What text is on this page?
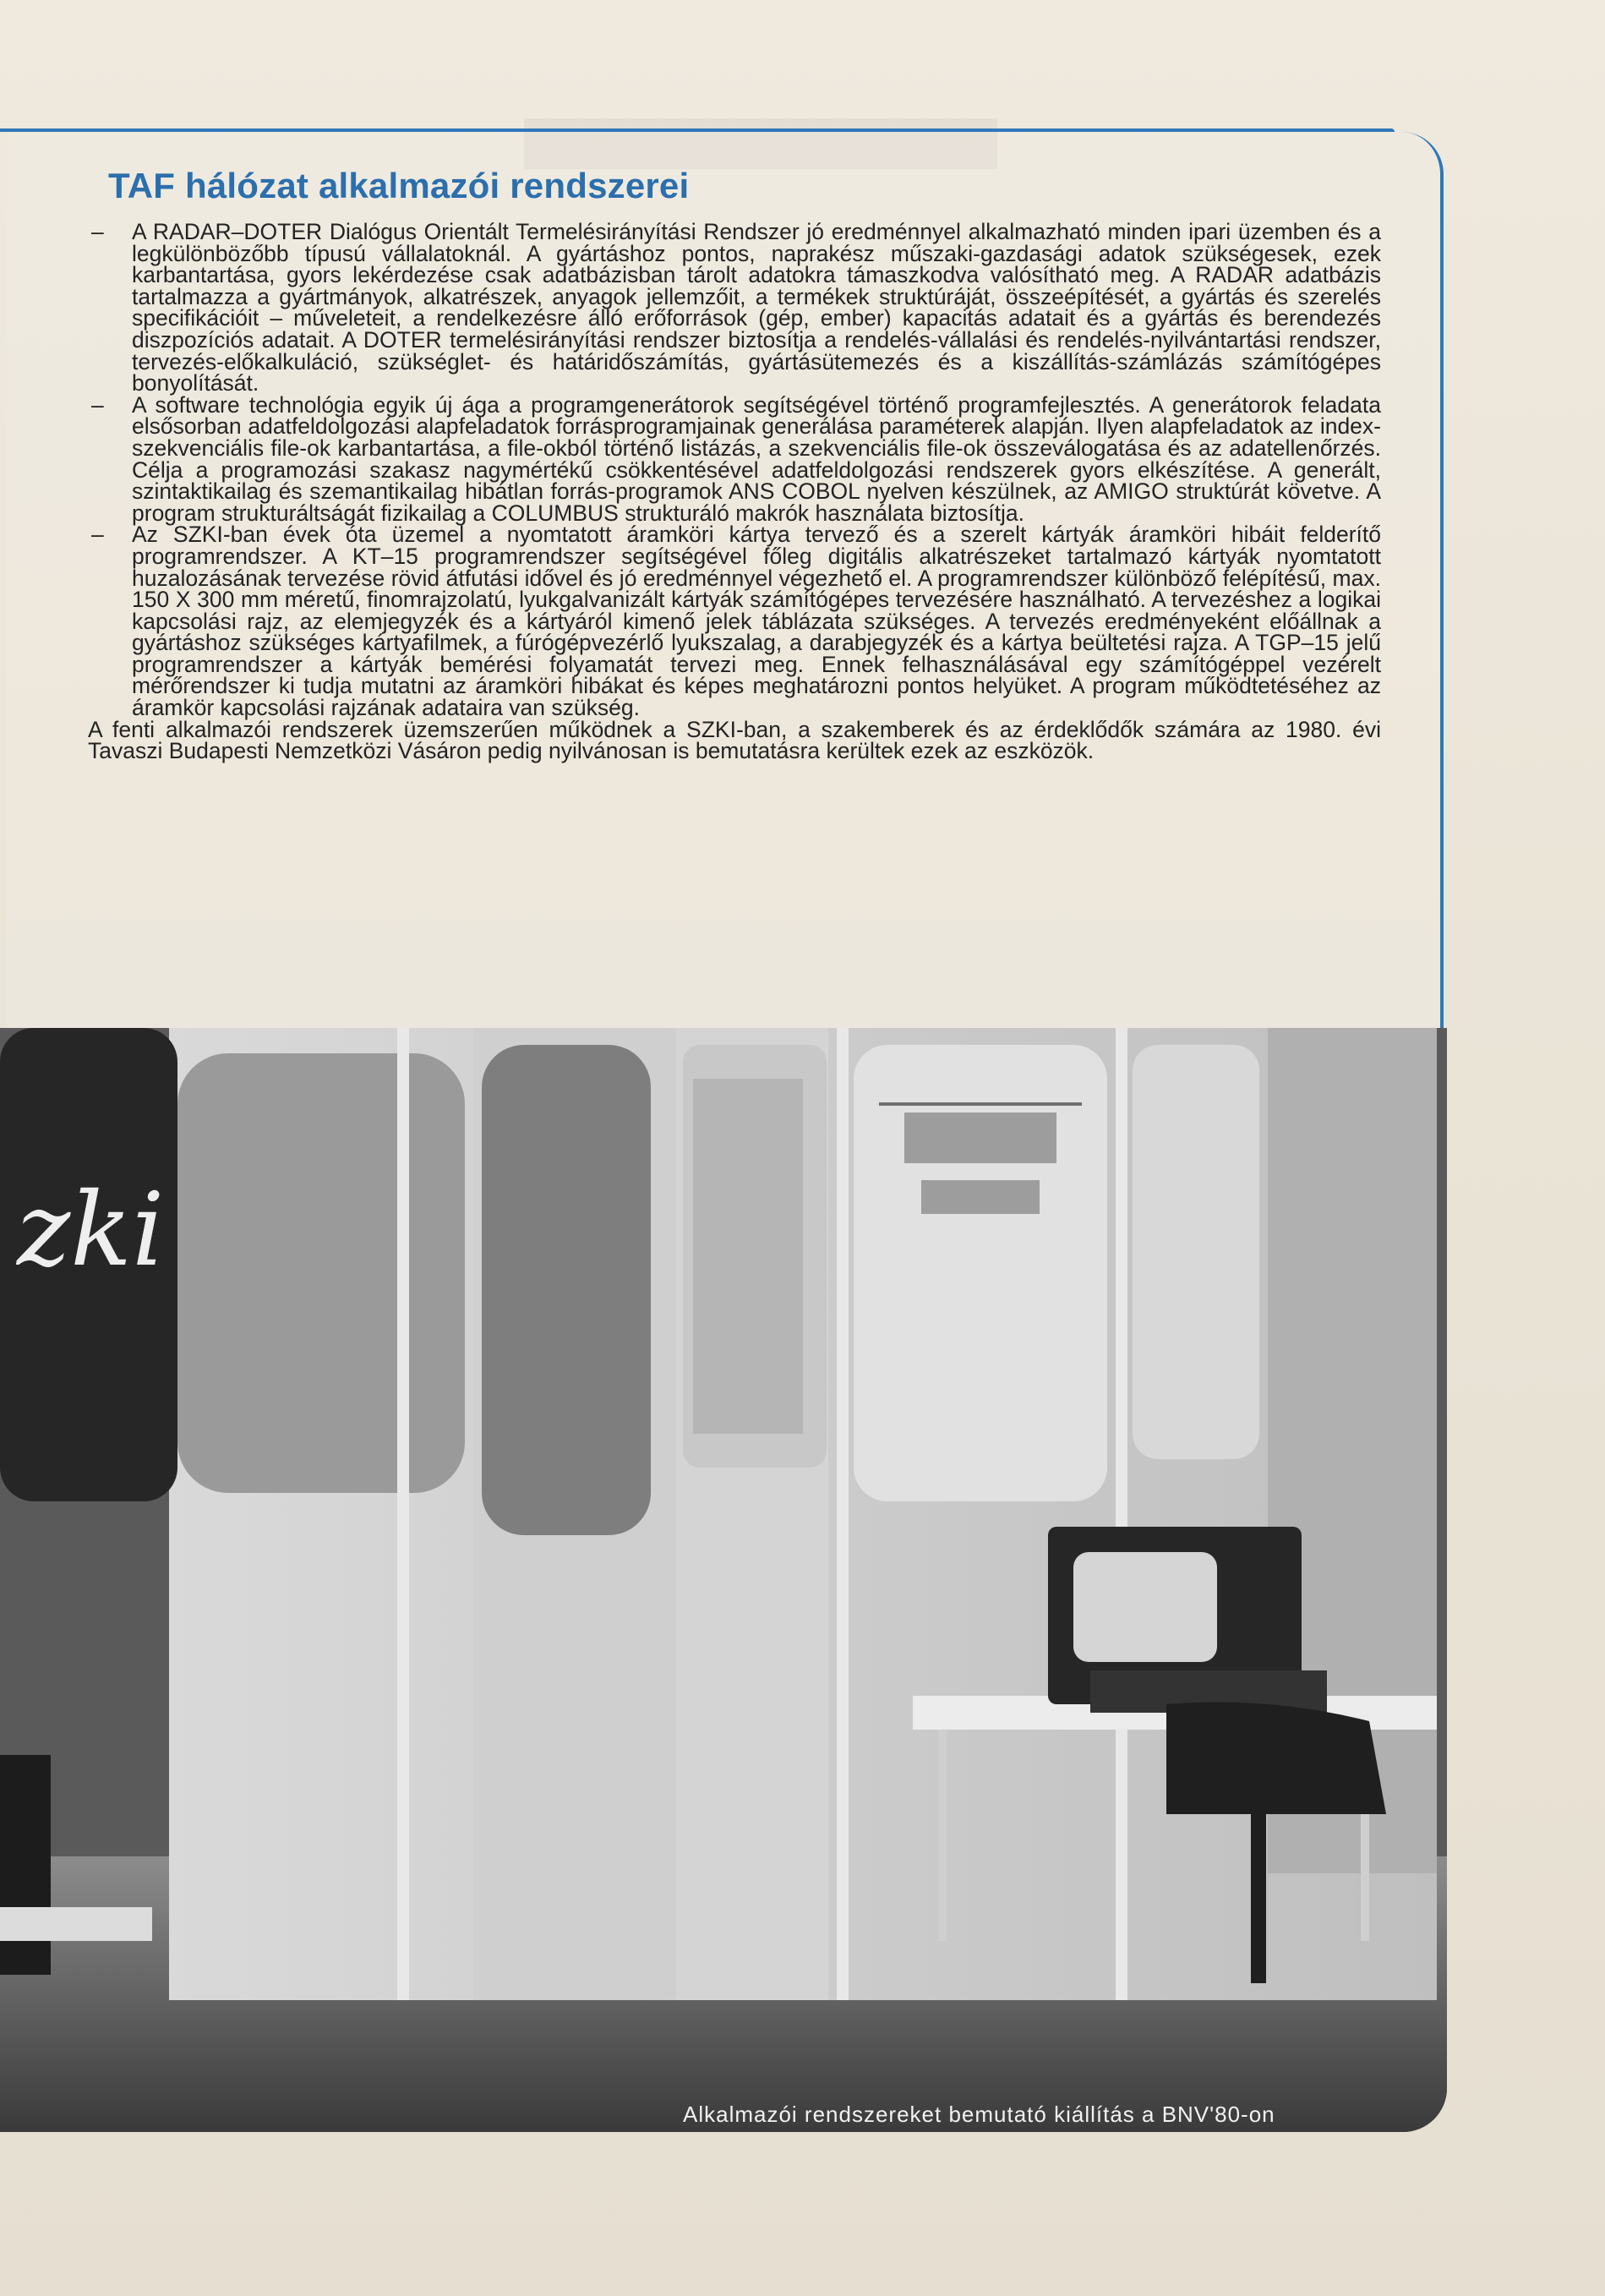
TAF hálózat alkalmazói rendszerei

– A RADAR–DOTER Dialógus Orientált Termelésirányítási Rendszer jó eredménnyel alkalmazható minden ipari üzemben és a legkülönbözőbb típusú vállalatoknál. A gyártáshoz pontos, naprakész műszaki-gazdasági adatok szükségesek, ezek karbantartása, gyors lekérdezése csak adatbázisban tárolt adatokra támaszkodva valósítható meg. A RADAR adatbázis tartalmazza a gyártmányok, alkatrészek, anyagok jellemzőit, a termékek struktúráját, összeépítését, a gyártás és szerelés specifikációit – műveleteit, a rendelkezésre álló erőforrások (gép, ember) kapacitás adatait és a gyártás és berendezés diszpozíciós adatait. A DOTER termelésirányítási rendszer biztosítja a rendelés-vállalási és rendelés-nyilvántartási rendszer, tervezés-előkalkuláció, szükséglet- és határidőszámítás, gyártásütemezés és a kiszállítás-számlázás számítógépes bonyolítását.

– A software technológia egyik új ága a programgenerátorok segítségével történő programfejlesztés. A generátorok feladata elsősorban adatfeldolgozási alapfeladatok forrásprogramjainak generálása paraméterek alapján. Ilyen alapfeladatok az index-szekvenciális file-ok karbantartása, a file-okból történő listázás, a szekvenciális file-ok összeválogatása és az adatellenőrzés. Célja a programozási szakasz nagymértékű csökkentésével adatfeldolgozási rendszerek gyors elkészítése. A generált, szintaktikailag és szemantikailag hibátlan forrás-programok ANS COBOL nyelven készülnek, az AMIGO struktúrát követve. A program strukturáltságát fizikailag a COLUMBUS strukturáló makrók használata biztosítja.

– Az SZKI-ban évek óta üzemel a nyomtatott áramköri kártya tervező és a szerelt kártyák áramköri hibáit felderítő programrendszer. A KT–15 programrendszer segítségével főleg digitális alkatrészeket tartalmazó kártyák nyomtatott huzalozásának tervezése rövid átfutási idővel és jó eredménnyel végezhető el. A programrendszer különböző felépítésű, max. 150 X 300 mm méretű, finomrajzolatú, lyukgalvanizált kártyák számítógépes tervezésére használható. A tervezéshez a logikai kapcsolási rajz, az elemjegyzék és a kártyáról kimenő jelek táblázata szükséges. A tervezés eredményeként előállnak a gyártáshoz szükséges kártyafilmek, a fúrógépvezérlő lyukszalag, a darabjegyzék és a kártya beültetési rajza. A TGP–15 jelű programrendszer a kártyák bemérési folyamatát tervezi meg. Ennek felhasználásával egy számítógéppel vezérelt mérőrendszer ki tudja mutatni az áramköri hibákat és képes meghatározni pontos helyüket. A program működtetéséhez az áramkör kapcsolási rajzának adataira van szükség.

A fenti alkalmazói rendszerek üzemszerűen működnek a SZKI-ban, a szakemberek és az érdeklődők számára az 1980. évi Tavaszi Budapesti Nemzetközi Vásáron pedig nyilvánosan is bemutatásra kerültek ezek az eszközök.

zki
Alkalmazói rendszereket bemutató kiállítás a BNV'80-on
